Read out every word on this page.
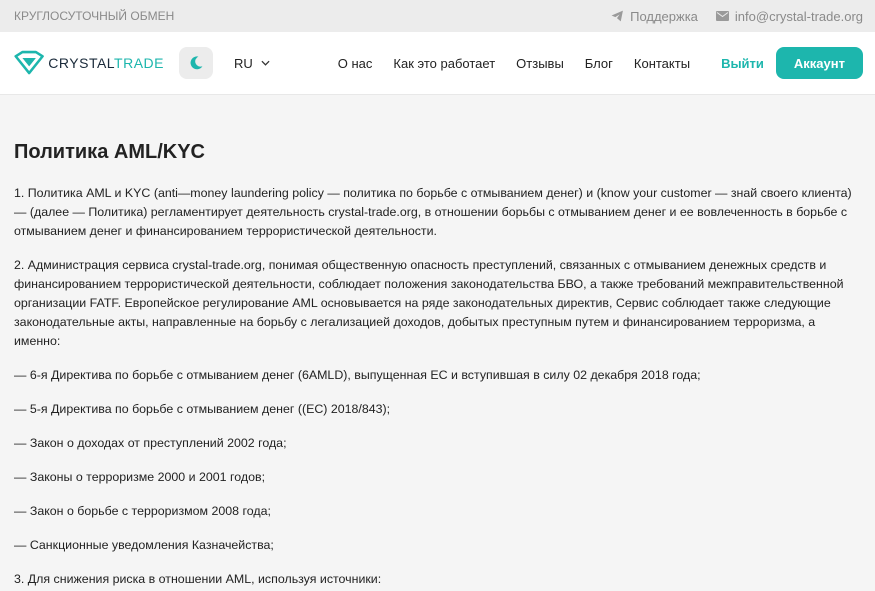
КРУГЛОСУТОЧНЫЙ ОБМЕН	Поддержка	info@crystal-trade.org
CRYSTALTRADE	RU	О нас Как это работает Отзывы Блог Контакты Выйти	Аккаунт
Политика AML/KYC

1. Политика AML и KYC (anti—money laundering policy — политика по борьбе с отмыванием денег) и (know your customer — знай своего клиента) — (далее — Политика) регламентирует деятельность crystal-trade.org, в отношении борьбы с отмыванием денег и ее вовлеченность в борьбе с отмыванием денег и финансированием террористической деятельности.

2. Администрация сервиса crystal-trade.org, понимая общественную опасность преступлений, связанных с отмыванием денежных средств и финансированием террористической деятельности, соблюдает положения законодательства БВО, а также требований межправительственной организации FATF. Европейское регулирование AML основывается на ряде законодательных директив, Сервис соблюдает также следующие законодательные акты, направленные на борьбу с легализацией доходов, добытых преступным путем и финансированием терроризма, а именно:

— 6-я Директива по борьбе с отмыванием денег (6AMLD), выпущенная ЕС и вступившая в силу 02 декабря 2018 года;

— 5-я Директива по борьбе с отмыванием денег ((ЕС) 2018/843);

— Закон о доходах от преступлений 2002 года;

— Законы о терроризме 2000 и 2001 годов;

— Закон о борьбе с терроризмом 2008 года;

— Санкционные уведомления Казначейства;

3. Для снижения риска в отношении AML, используя источники:
